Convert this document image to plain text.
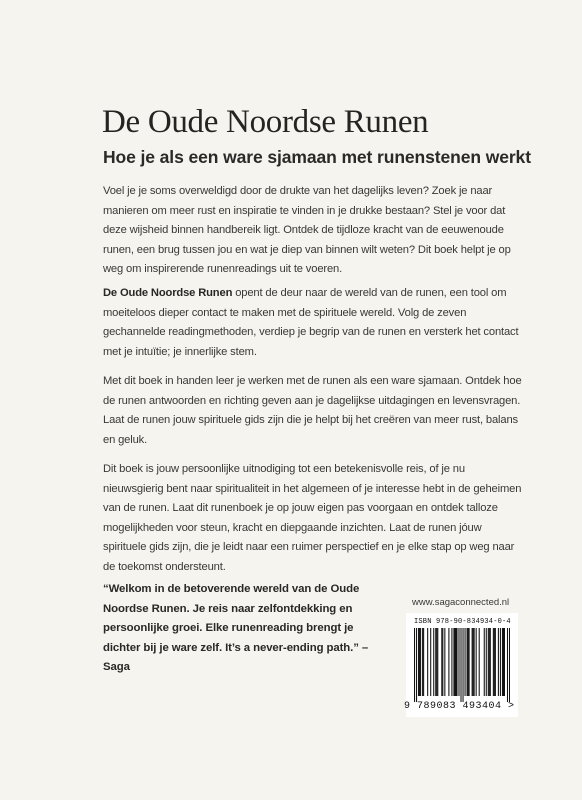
De Oude Noordse Runen
Hoe je als een ware sjamaan met runenstenen werkt

Voel je je soms overweldigd door de drukte van het dagelijks leven? Zoek je naar manieren om meer rust en inspiratie te vinden in je drukke bestaan? Stel je voor dat deze wijsheid binnen handbereik ligt. Ontdek de tijdloze kracht van de eeuwenoude runen, een brug tussen jou en wat je diep van binnen wilt weten? Dit boek helpt je op weg om inspirerende runenreadings uit te voeren.

De Oude Noordse Runen opent de deur naar de wereld van de runen, een tool om moeiteloos dieper contact te maken met de spirituele wereld. Volg de zeven gechannelde readingmethoden, verdiep je begrip van de runen en versterk het contact met je intuïtie; je innerlijke stem.

Met dit boek in handen leer je werken met de runen als een ware sjamaan. Ontdek hoe de runen antwoorden en richting geven aan je dagelijkse uitdagingen en levensvragen. Laat de runen jouw spirituele gids zijn die je helpt bij het creëren van meer rust, balans en geluk.

Dit boek is jouw persoonlijke uitnodiging tot een betekenisvolle reis, of je nu nieuwsgierig bent naar spiritualiteit in het algemeen of je interesse hebt in de geheimen van de runen. Laat dit runenboek je op jouw eigen pas voorgaan en ontdek talloze mogelijkheden voor steun, kracht en diepgaande inzichten. Laat de runen jóuw spirituele gids zijn, die je leidt naar een ruimer perspectief en je elke stap op weg naar de toekomst ondersteunt.

“Welkom in de betoverende wereld van de Oude Noordse Runen. Je reis naar zelfontdekking en persoonlijke groei. Elke runenreading brengt je dichter bij je ware zelf. It’s a never-ending path.” – Saga

www.sagaconnected.nl
ISBN 978-90-834934-0-4
9 789083 493404 >
